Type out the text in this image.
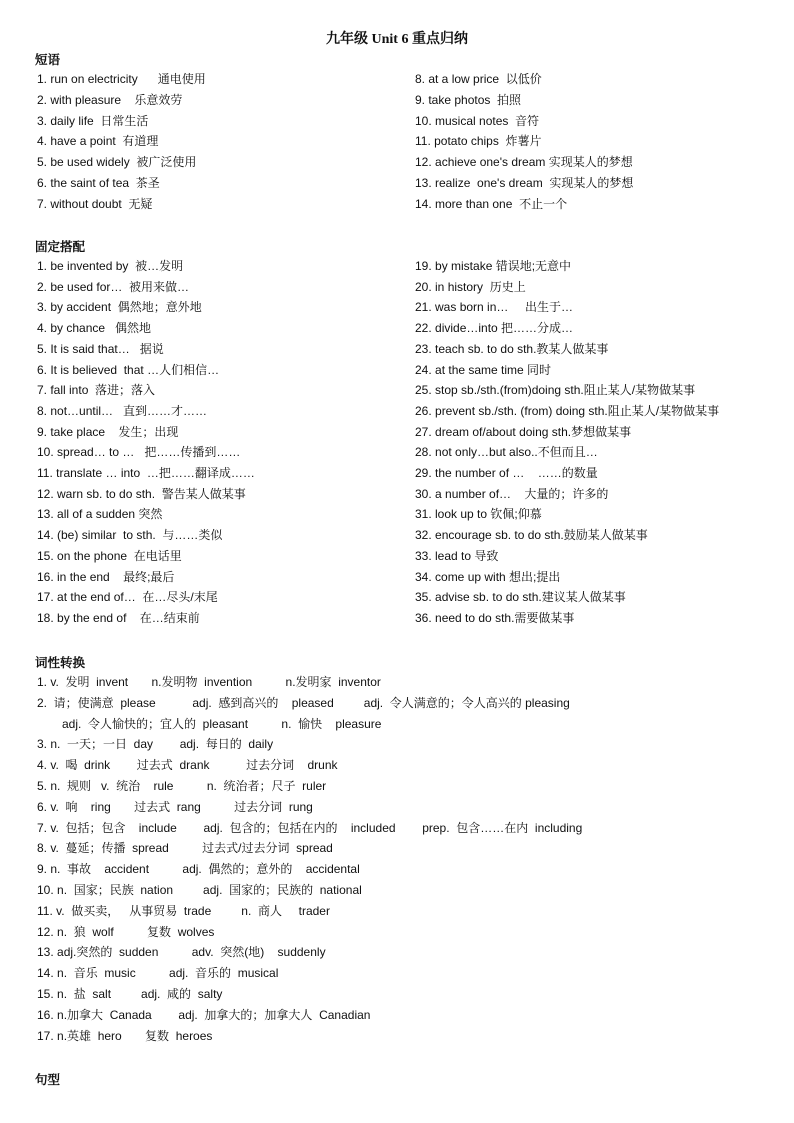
九年级 Unit 6 重点归纳
短语
1. run on electricity      通电使用
2. with pleasure    乐意效劳
3. daily life  日常生活
4. have a point  有道理
5. be used widely  被广泛使用
6. the saint of tea  茶圣
7. without doubt  无疑
8. at a low price  以低价
9. take photos  拍照
10. musical notes  音符
11. potato chips  炸薯片
12. achieve one's dream 实现某人的梦想
13. realize  one's dream  实现某人的梦想
14. more than one  不止一个
固定搭配
1. be invented by  被…发明
2. be used for…  被用来做…
3. by accident  偶然地；意外地
4. by chance   偶然地
5. It is said that…   据说
6. It is believed  that …人们相信…
7. fall into  落进；落入
8. not…until…   直到……才……
9. take place    发生；出现
10. spread… to …   把……传播到……
11. translate … into  …把……翻译成……
12. warn sb. to do sth.  警告某人做某事
13. all of a sudden 突然
14. (be) similar  to sth.  与……类似
15. on the phone  在电话里
16. in the end    最终;最后
17. at the end of…  在…尽头/末尾
18. by the end of    在…结束前
19. by mistake 错误地;无意中
20. in history  历史上
21. was born in…     出生于…
22. divide…into 把……分成…
23. teach sb. to do sth.教某人做某事
24. at the same time 同时
25. stop sb./sth.(from)doing sth.阻止某人/某物做某事
26. prevent sb./sth. (from) doing sth.阻止某人/某物做某事
27. dream of/about doing sth.梦想做某事
28. not only…but also..不但而且…
29. the number of …    ……的数量
30. a number of…    大量的；许多的
31. look up to 钦佩;仰慕
32. encourage sb. to do sth.鼓励某人做某事
33. lead to 导致
34. come up with 想出;提出
35. advise sb. to do sth.建议某人做某事
36. need to do sth.需要做某事
词性转换
1. v.  发明  invent       n.发明物  invention          n.发明家  inventor
2.  请；使满意  please           adj.  感到高兴的    pleased         adj.  令人满意的；令人高兴的 pleasing
adj.  令人愉快的；宜人的  pleasant          n.  愉快    pleasure
3. n.  一天；一日  day        adj.  每日的  daily
4. v.  喝  drink        过去式  drank           过去分词    drunk
5. n.  规则   v.  统治    rule          n.  统治者；尺子  ruler
6. v.  响    ring       过去式  rang          过去分词  rung
7. v.  包括；包含    include        adj.  包含的；包括在内的    included        prep.  包含……在内  including
8. v.  蔓延；传播  spread          过去式/过去分词  spread
9. n.  事故    accident          adj.  偶然的；意外的    accidental
10. n.  国家；民族  nation         adj.  国家的；民族的  national
11. v.  做买卖，   从事贸易  trade         n.  商人     trader
12. n.  狼  wolf          复数  wolves
13. adj.突然的  sudden          adv.  突然(地)    suddenly
14. n.  音乐  music          adj.  音乐的  musical
15. n.  盐  salt         adj.  咸的  salty
16. n.加拿大  Canada        adj.  加拿大的；加拿大人  Canadian
17. n.英雄  hero       复数  heroes
句型
